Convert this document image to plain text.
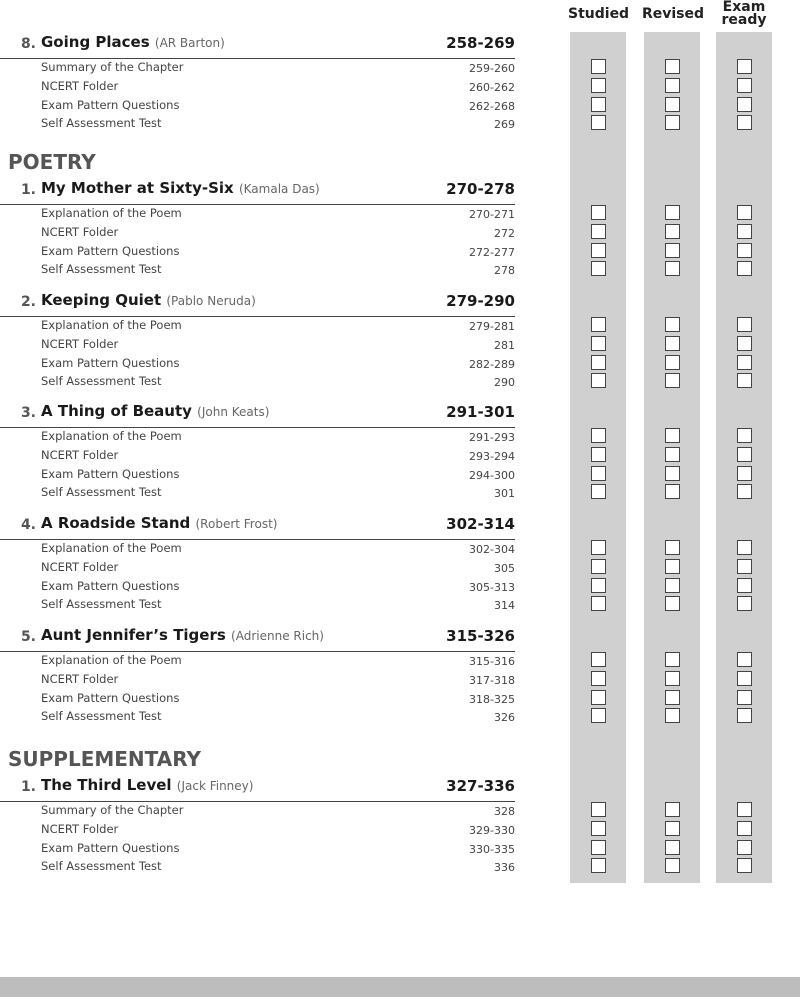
Studied Revised	Exam
ready
POETRY
SUPPLEMENTARY
8. Going Places (AR Barton)	258-269
Summary of the Chapter	259-260
NCERT Folder	260-262
Exam Pattern Questions	262-268
Self Assessment Test	269
1. My Mother at Sixty-Six (Kamala Das)	270-278
Explanation of the Poem	270-271
NCERT Folder	272
Exam Pattern Questions	272-277
Self Assessment Test	278
2. Keeping Quiet (Pablo Neruda)	279-290
Explanation of the Poem	279-281
NCERT Folder	281
Exam Pattern Questions	282-289
Self Assessment Test	290
3. A Thing of Beauty (John Keats)	291-301
Explanation of the Poem	291-293
NCERT Folder	293-294
Exam Pattern Questions	294-300
Self Assessment Test	301
4. A Roadside Stand (Robert Frost)	302-314
Explanation of the Poem	302-304
NCERT Folder	305
Exam Pattern Questions	305-313
Self Assessment Test	314
5. Aunt Jennifer’s Tigers (Adrienne Rich)	315-326
Explanation of the Poem	315-316
NCERT Folder	317-318
Exam Pattern Questions	318-325
Self Assessment Test	326
1. The Third Level (Jack Finney)	327-336
Summary of the Chapter	328
NCERT Folder	329-330
Exam Pattern Questions	330-335
Self Assessment Test	336
